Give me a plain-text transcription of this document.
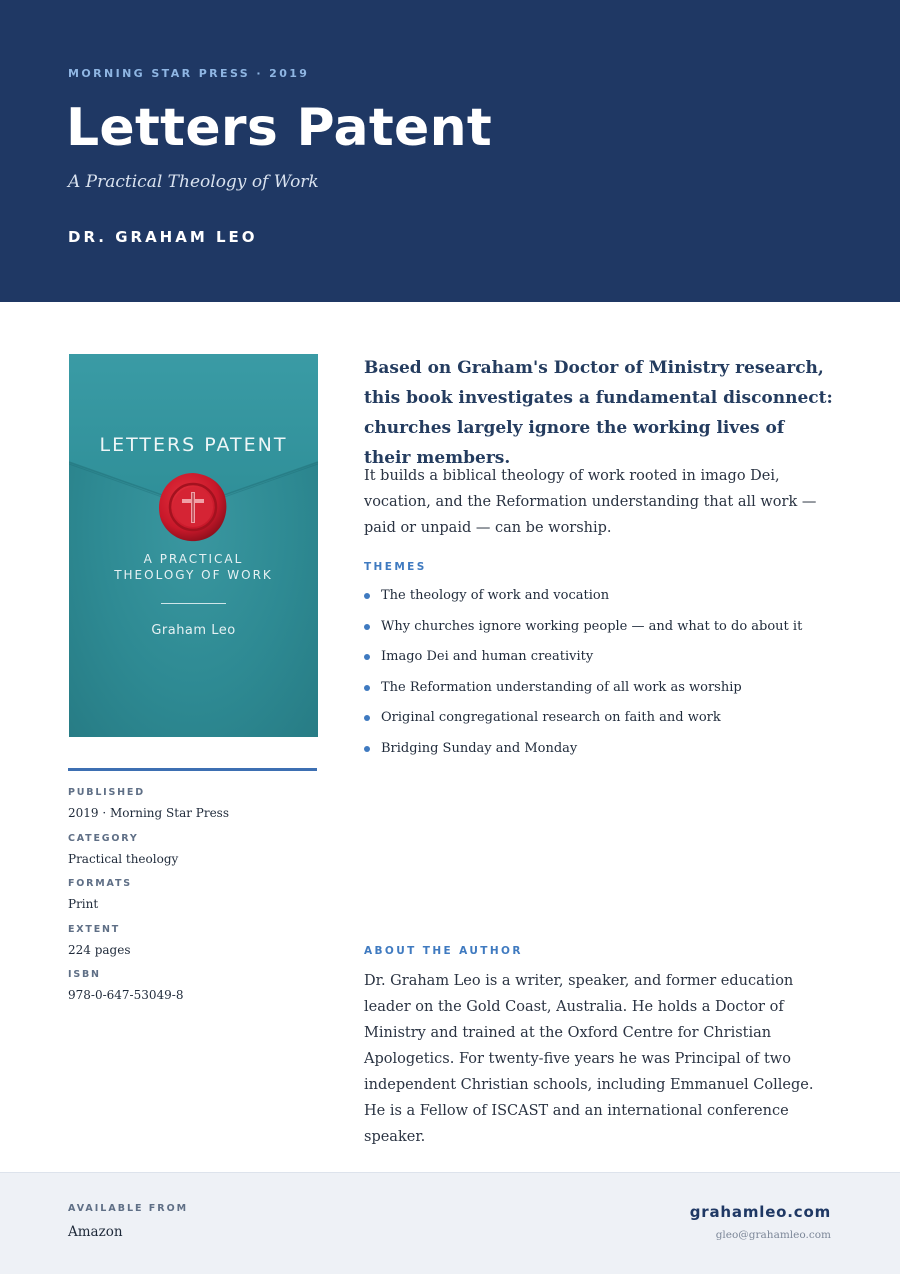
MORNING STAR PRESS · 2019
Letters Patent
A Practical Theology of Work
DR. GRAHAM LEO
LETTERS PATENT
A PRACTICAL
THEOLOGY OF WORK
Graham Leo
PUBLISHED
2019 · Morning Star Press
CATEGORY
Practical theology
FORMATS
Print
EXTENT
224 pages
ISBN
978-0-647-53049-8

Based on Graham's Doctor of Ministry research, this book investigates a fundamental disconnect: churches largely ignore the working lives of their members.

It builds a biblical theology of work rooted in imago Dei, vocation, and the Reformation understanding that all work — paid or unpaid — can be worship.

THEMES
The theology of work and vocation
Why churches ignore working people — and what to do about it
Imago Dei and human creativity
The Reformation understanding of all work as worship
Original congregational research on faith and work
Bridging Sunday and Monday
ABOUT THE AUTHOR

Dr. Graham Leo is a writer, speaker, and former education leader on the Gold Coast, Australia. He holds a Doctor of Ministry and trained at the Oxford Centre for Christian Apologetics. For twenty-five years he was Principal of two independent Christian schools, including Emmanuel College. He is a Fellow of ISCAST and an international conference speaker.

AVAILABLE FROM
Amazon
grahamleo.com
gleo@grahamleo.com
